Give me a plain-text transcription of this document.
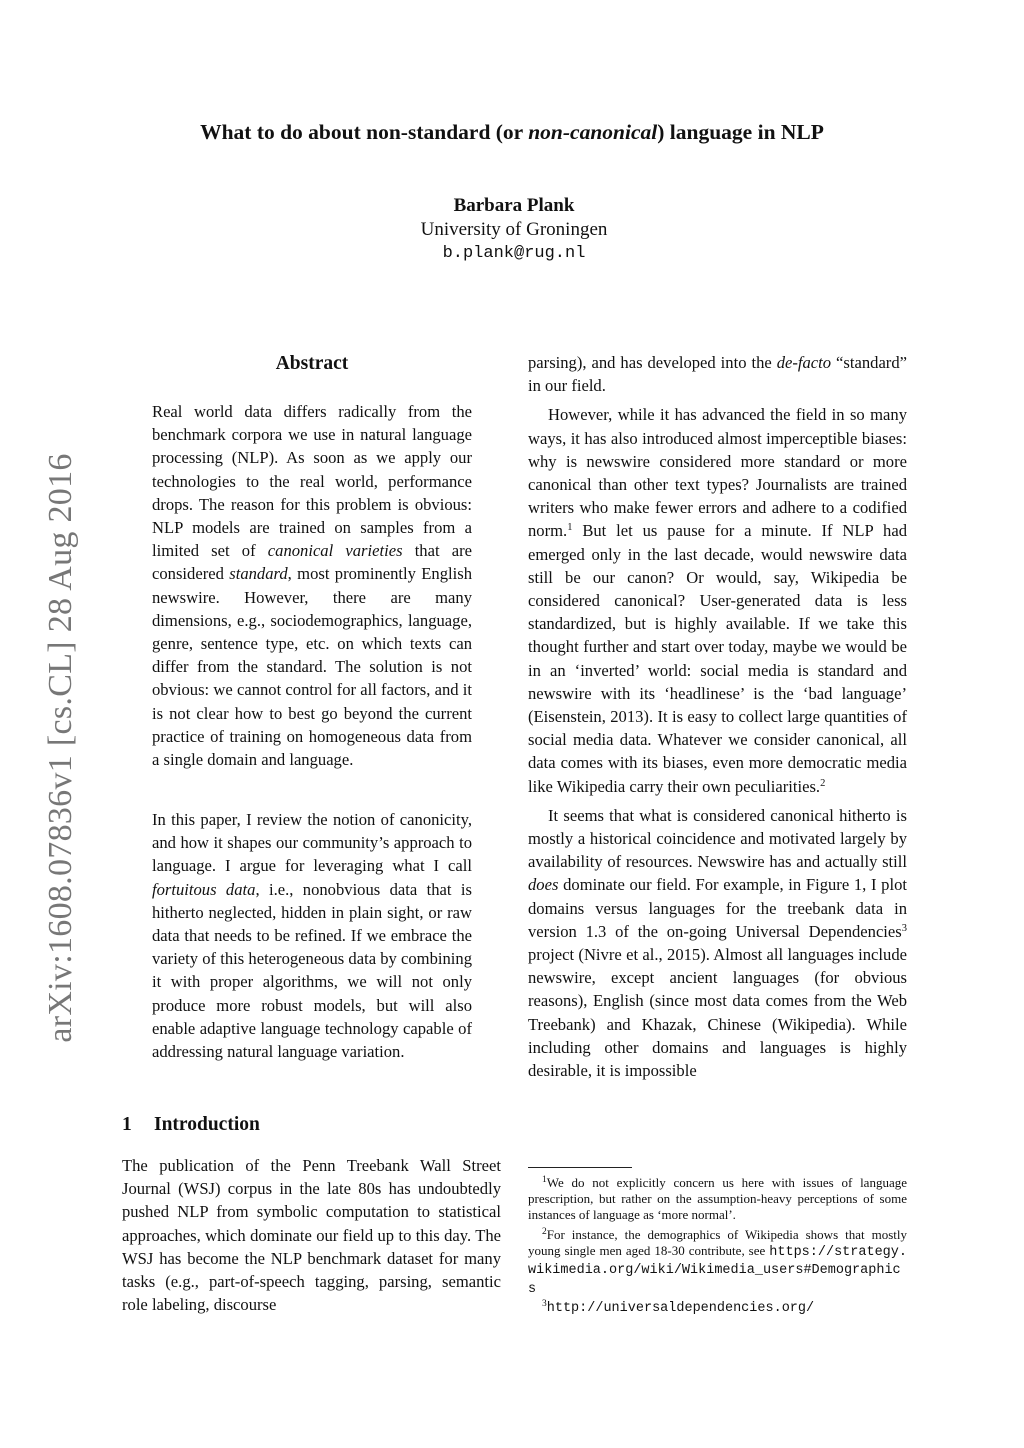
What to do about non-standard (or non-canonical) language in NLP
Barbara Plank
University of Groningen
b.plank@rug.nl
arXiv:1608.07836v1 [cs.CL] 28 Aug 2016
Abstract

Real world data differs radically from the benchmark corpora we use in natural language processing (NLP). As soon as we apply our technologies to the real world, performance drops. The reason for this problem is obvious: NLP models are trained on samples from a limited set of canonical varieties that are considered standard, most prominently English newswire. However, there are many dimensions, e.g., sociodemographics, language, genre, sentence type, etc. on which texts can differ from the standard. The solution is not obvious: we cannot control for all factors, and it is not clear how to best go beyond the current practice of training on homogeneous data from a single domain and language.

In this paper, I review the notion of canonicity, and how it shapes our community’s approach to language. I argue for leveraging what I call fortuitous data, i.e., nonobvious data that is hitherto neglected, hidden in plain sight, or raw data that needs to be refined. If we embrace the variety of this heterogeneous data by combining it with proper algorithms, we will not only produce more robust models, but will also enable adaptive language technology capable of addressing natural language variation.

1 Introduction

The publication of the Penn Treebank Wall Street Journal (WSJ) corpus in the late 80s has undoubtedly pushed NLP from symbolic computation to statistical approaches, which dominate our field up to this day. The WSJ has become the NLP benchmark dataset for many tasks (e.g., part-of-speech tagging, parsing, semantic role labeling, discourse

parsing), and has developed into the de-facto “standard” in our field.

However, while it has advanced the field in so many ways, it has also introduced almost imperceptible biases: why is newswire considered more standard or more canonical than other text types? Journalists are trained writers who make fewer errors and adhere to a codified norm.$^1$ But let us pause for a minute. If NLP had emerged only in the last decade, would newswire data still be our canon? Or would, say, Wikipedia be considered canonical? User-generated data is less standardized, but is highly available. If we take this thought further and start over today, maybe we would be in an ‘inverted’ world: social media is standard and newswire with its ‘headlinese’ is the ‘bad language’ (Eisenstein, 2013). It is easy to collect large quantities of social media data. Whatever we consider canonical, all data comes with its biases, even more democratic media like Wikipedia carry their own peculiarities.$^2$

It seems that what is considered canonical hitherto is mostly a historical coincidence and motivated largely by availability of resources. Newswire has and actually still does dominate our field. For example, in Figure 1, I plot domains versus languages for the treebank data in version 1.3 of the on-going Universal Dependencies$^3$ project (Nivre et al., 2015). Almost all languages include newswire, except ancient languages (for obvious reasons), English (since most data comes from the Web Treebank) and Khazak, Chinese (Wikipedia). While including other domains and languages is highly desirable, it is impossible

$^1$We do not explicitly concern us here with issues of language prescription, but rather on the assumption-heavy perceptions of some instances of language as ‘more normal’.

$^2$For instance, the demographics of Wikipedia shows that mostly young single men aged 18-30 contribute, see https://strategy.wikimedia.org/wiki/Wikimedia_users#Demographics

$^3$http://universaldependencies.org/
